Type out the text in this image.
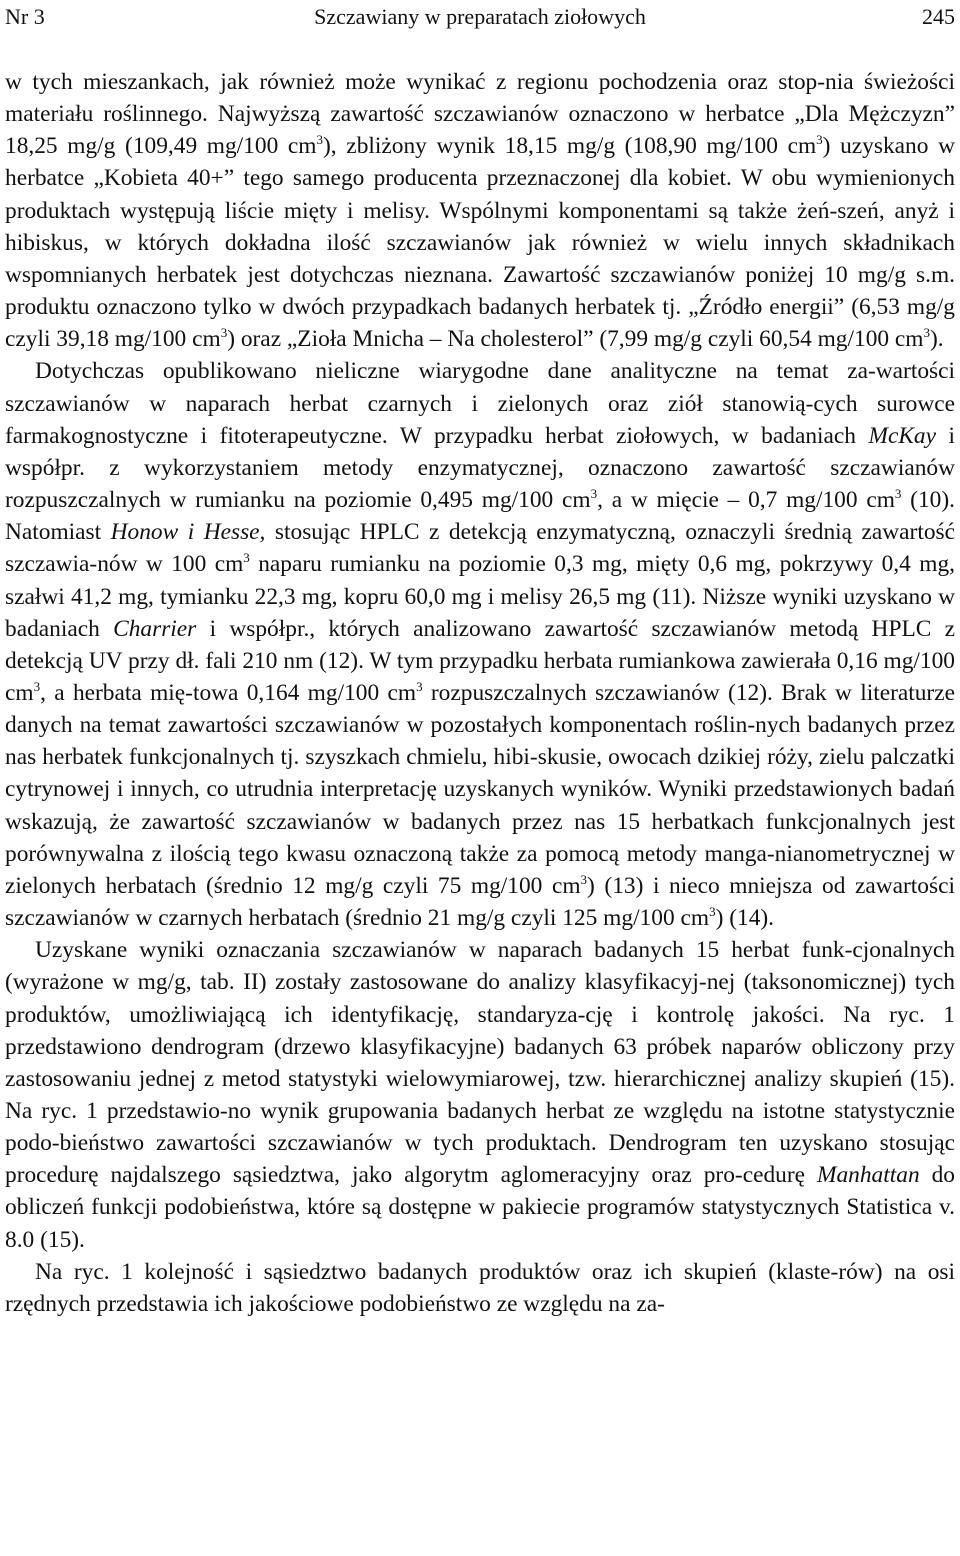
Nr 3	Szczawiany w preparatach ziołowych	245

w tych mieszankach, jak również może wynikać z regionu pochodzenia oraz stop-nia świeżości materiału roślinnego. Najwyższą zawartość szczawianów oznaczono w herbatce „Dla Mężczyzn” 18,25 mg/g (109,49 mg/100 $cm^3$), zbliżony wynik 18,15 mg/g (108,90 mg/100 $cm^3$) uzyskano w herbatce „Kobieta 40+” tego samego producenta przeznaczonej dla kobiet. W obu wymienionych produktach występują liście mięty i melisy. Wspólnymi komponentami są także żeń-szeń, anyż i hibiskus, w których dokładna ilość szczawianów jak również w wielu innych składnikach wspomnianych herbatek jest dotychczas nieznana. Zawartość szczawianów poniżej 10 mg/g s.m. produktu oznaczono tylko w dwóch przypadkach badanych herbatek tj. „Źródło energii” (6,53 mg/g czyli 39,18 mg/100 $cm^3$) oraz „Zioła Mnicha – Na cholesterol” (7,99 mg/g czyli 60,54 mg/100 $cm^3$).

Dotychczas opublikowano nieliczne wiarygodne dane analityczne na temat za-wartości szczawianów w naparach herbat czarnych i zielonych oraz ziół stanowią-cych surowce farmakognostyczne i fitoterapeutyczne. W przypadku herbat ziołowych, w badaniach McKay i współpr. z wykorzystaniem metody enzymatycznej, oznaczono zawartość szczawianów rozpuszczalnych w rumianku na poziomie 0,495 mg/100 $cm^3$, a w mięcie – 0,7 mg/100 $cm^3$ (10). Natomiast Honow i Hesse, stosując HPLC z detekcją enzymatyczną, oznaczyli średnią zawartość szczawia-nów w 100 $cm^3$ naparu rumianku na poziomie 0,3 mg, mięty 0,6 mg, pokrzywy 0,4 mg, szałwi 41,2 mg, tymianku 22,3 mg, kopru 60,0 mg i melisy 26,5 mg (11). Niższe wyniki uzyskano w badaniach Charrier i współpr., których analizowano zawartość szczawianów metodą HPLC z detekcją UV przy dł. fali 210 nm (12). W tym przypadku herbata rumiankowa zawierała 0,16 mg/100 $cm^3$, a herbata mię-towa 0,164 mg/100 $cm^3$ rozpuszczalnych szczawianów (12). Brak w literaturze danych na temat zawartości szczawianów w pozostałych komponentach roślin-nych badanych przez nas herbatek funkcjonalnych tj. szyszkach chmielu, hibi-skusie, owocach dzikiej róży, zielu palczatki cytrynowej i innych, co utrudnia interpretację uzyskanych wyników. Wyniki przedstawionych badań wskazują, że zawartość szczawianów w badanych przez nas 15 herbatkach funkcjonalnych jest porównywalna z ilością tego kwasu oznaczoną także za pomocą metody manga-nianometrycznej w zielonych herbatach (średnio 12 mg/g czyli 75 mg/100 $cm^3$) (13) i nieco mniejsza od zawartości szczawianów w czarnych herbatach (średnio 21 mg/g czyli 125 mg/100 $cm^3$) (14).

Uzyskane wyniki oznaczania szczawianów w naparach badanych 15 herbat funk-cjonalnych (wyrażone w mg/g, tab. II) zostały zastosowane do analizy klasyfikacyj-nej (taksonomicznej) tych produktów, umożliwiającą ich identyfikację, standaryza-cję i kontrolę jakości. Na ryc. 1 przedstawiono dendrogram (drzewo klasyfikacyjne) badanych 63 próbek naparów obliczony przy zastosowaniu jednej z metod statystyki wielowymiarowej, tzw. hierarchicznej analizy skupień (15). Na ryc. 1 przedstawio-no wynik grupowania badanych herbat ze względu na istotne statystycznie podo-bieństwo zawartości szczawianów w tych produktach. Dendrogram ten uzyskano stosując procedurę najdalszego sąsiedztwa, jako algorytm aglomeracyjny oraz pro-cedurę Manhattan do obliczeń funkcji podobieństwa, które są dostępne w pakiecie programów statystycznych Statistica v. 8.0 (15).

Na ryc. 1 kolejność i sąsiedztwo badanych produktów oraz ich skupień (klaste-rów) na osi rzędnych przedstawia ich jakościowe podobieństwo ze względu na za-
